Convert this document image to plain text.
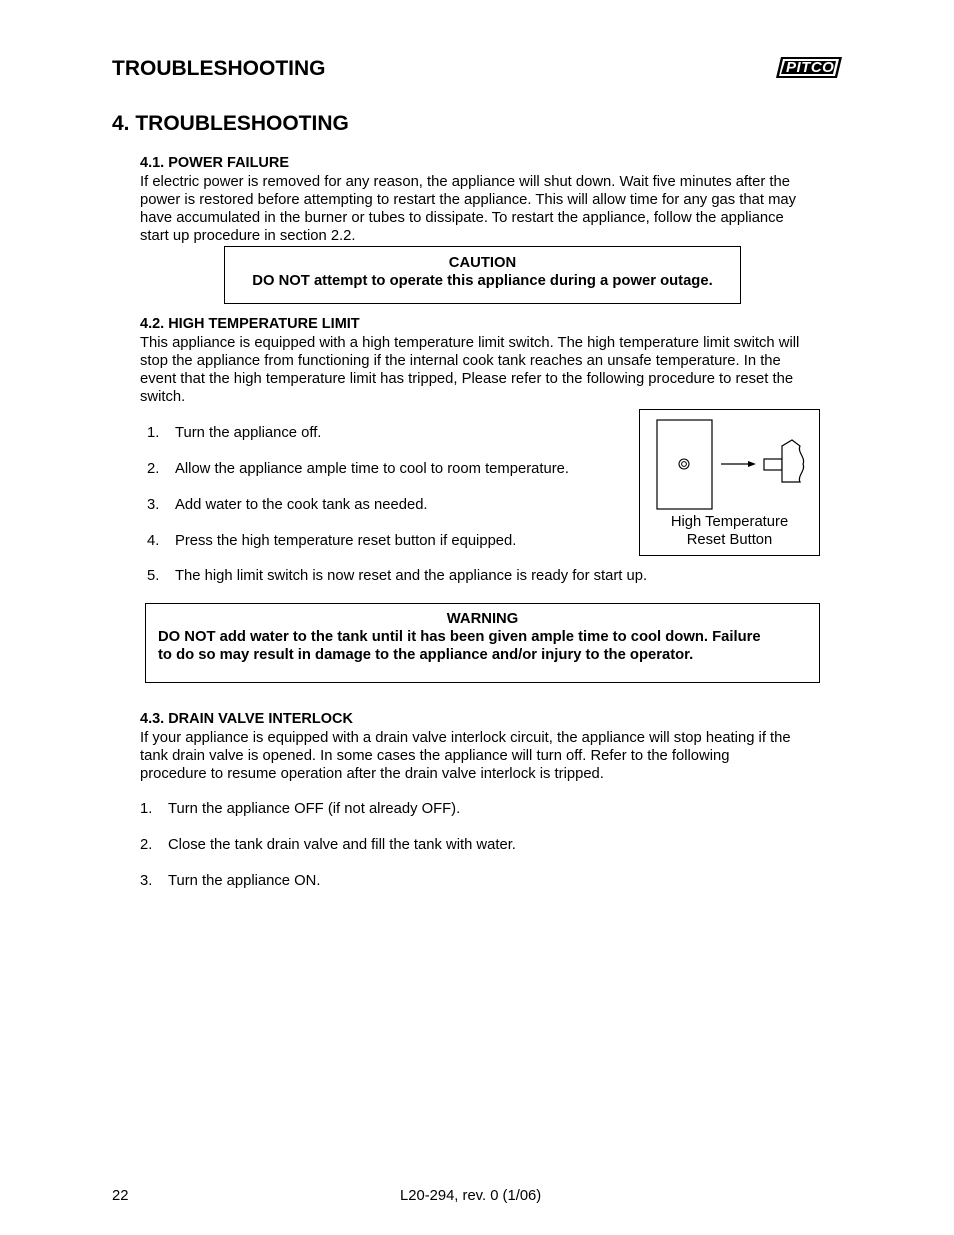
TROUBLESHOOTING	PITCO
4. TROUBLESHOOTING
4.1. POWER FAILURE
If electric power is removed for any reason, the appliance will shut down. Wait five minutes after the
power is restored before attempting to restart the appliance. This will allow time for any gas that may
have accumulated in the burner or tubes to dissipate. To restart the appliance, follow the appliance
start up procedure in section 2.2.
CAUTION
DO NOT attempt to operate this appliance during a power outage.
4.2. HIGH TEMPERATURE LIMIT
This appliance is equipped with a high temperature limit switch. The high temperature limit switch will
stop the appliance from functioning if the internal cook tank reaches an unsafe temperature. In the
event that the high temperature limit has tripped, Please refer to the following procedure to reset the
switch.
1. Turn the appliance off.
2. Allow the appliance ample time to cool to room temperature.
3. Add water to the cook tank as needed.
4. Press the high temperature reset button if equipped.
5. The high limit switch is now reset and the appliance is ready for start up.
High Temperature
Reset Button
WARNING
DO NOT add water to the tank until it has been given ample time to cool down. Failure
to do so may result in damage to the appliance and/or injury to the operator.
4.3. DRAIN VALVE INTERLOCK
If your appliance is equipped with a drain valve interlock circuit, the appliance will stop heating if the
tank drain valve is opened. In some cases the appliance will turn off. Refer to the following
procedure to resume operation after the drain valve interlock is tripped.
1. Turn the appliance OFF (if not already OFF).
2. Close the tank drain valve and fill the tank with water.
3. Turn the appliance ON.
22	L20-294, rev. 0 (1/06)
